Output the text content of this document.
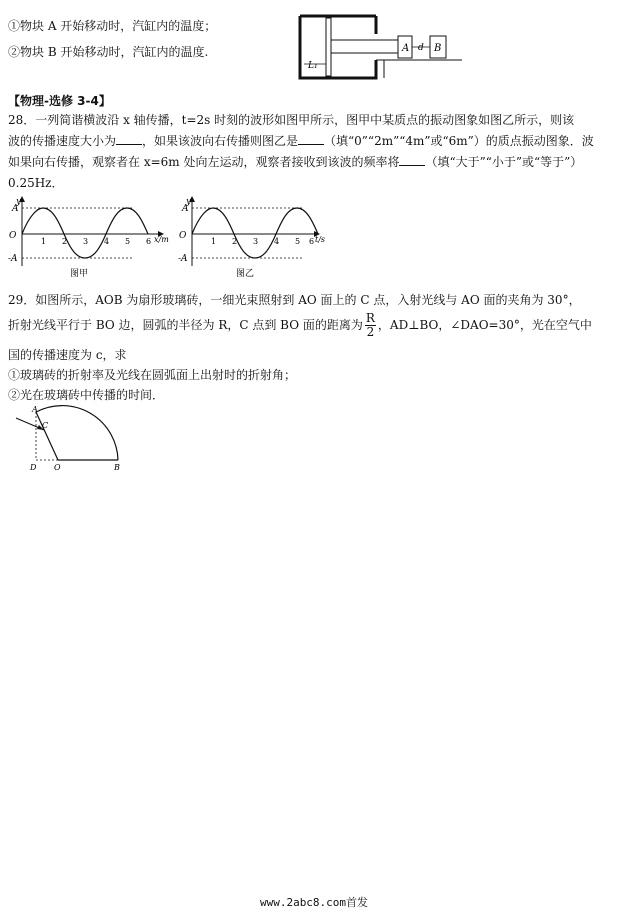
①物块 A 开始移动时，汽缸内的温度；
②物块 B 开始移动时，汽缸内的温度.
L₁
A d B
【物理-选修 3-4】
28．一列简谐横波沿 x 轴传播，t=2s 时刻的波形如图甲所示，图甲中某质点的振动图象如图乙所示，则该
波的传播速度大小为 ，如果该波向右传播则图乙是 （填“0”“2m”“4m”或“6m”）的质点振动图象．波
如果向右传播，观察者在 x=6m 处向左运动，观察者接收到该波的频率将 （填“大于”“小于”或“等于”）
0.25Hz．
y
A
O
-A
1 2 3 4 5 6 x/m
图甲
y
A
O
-A
1 2 3 4 5 6 t/s
图乙
29．如图所示，AOB 为扇形玻璃砖，一细光束照射到 AO 面上的 C 点，入射光线与 AO 面的夹角为 30°，
折射光线平行于 BO 边，圆弧的半径为 R，C 点到 BO 面的距离为 $\frac{R}{2}$ ，AD⊥BO，∠DAO=30°，光在空气中
国的传播速度为 c，求
①玻璃砖的折射率及光线在圆弧面上出射时的折射角；
②光在玻璃砖中传播的时间．
A
C
D O	B
www.2abc8.com首发
